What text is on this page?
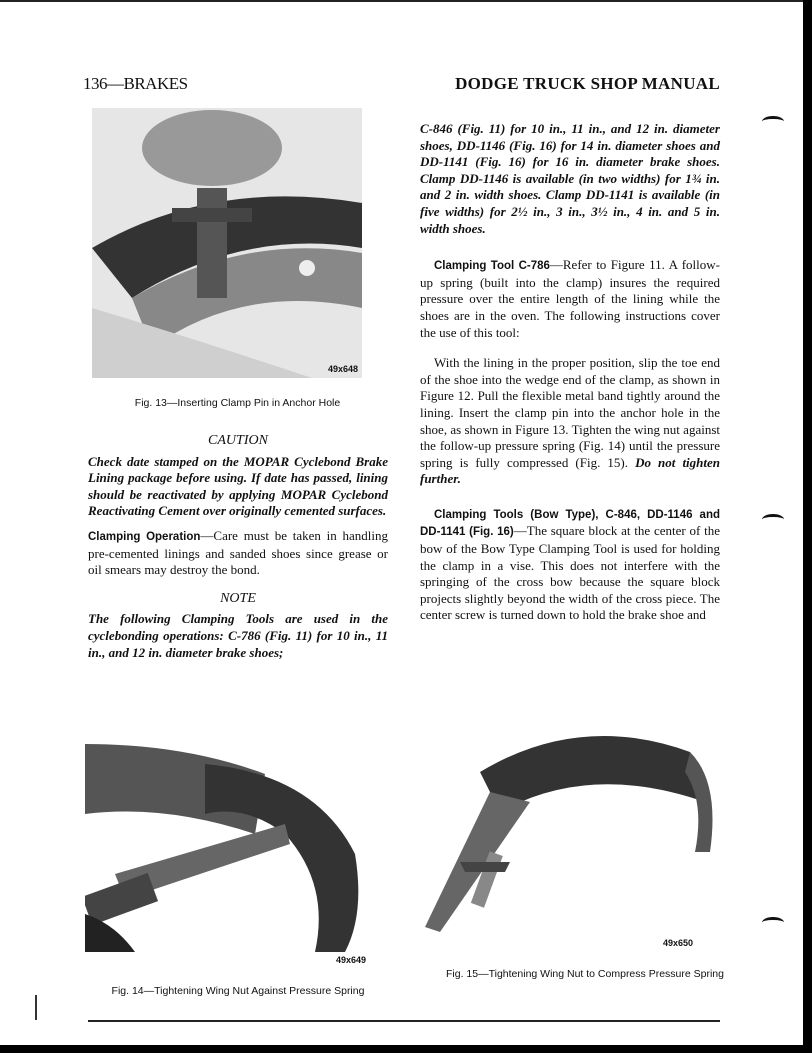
136—BRAKES	DODGE TRUCK SHOP MANUAL
49x648
Fig. 13—Inserting Clamp Pin in Anchor Hole

CAUTION

Check date stamped on the MOPAR Cyclebond Brake Lining package before using. If date has passed, lining should be reactivated by applying MOPAR Cyclebond Reactivating Cement over originally cemented surfaces.

Clamping Operation—Care must be taken in handling pre-cemented linings and sanded shoes since grease or oil smears may destroy the bond.

NOTE

The following Clamping Tools are used in the cyclebonding operations: C-786 (Fig. 11) for 10 in., 11 in., and 12 in. diameter brake shoes;

C-846 (Fig. 11) for 10 in., 11 in., and 12 in. diameter shoes, DD-1146 (Fig. 16) for 14 in. diameter shoes and DD-1141 (Fig. 16) for 16 in. diameter brake shoes. Clamp DD-1146 is available (in two widths) for 1¾ in. and 2 in. width shoes. Clamp DD-1141 is available (in five widths) for 2½ in., 3 in., 3½ in., 4 in. and 5 in. width shoes.

Clamping Tool C-786—Refer to Figure 11. A follow-up spring (built into the clamp) insures the required pressure over the entire length of the lining while the shoes are in the oven. The following instructions cover the use of this tool:

With the lining in the proper position, slip the toe end of the shoe into the wedge end of the clamp, as shown in Figure 12. Pull the flexible metal band tightly around the lining. Insert the clamp pin into the anchor hole in the shoe, as shown in Figure 13. Tighten the wing nut against the follow-up pressure spring (Fig. 14) until the pressure spring is fully compressed (Fig. 15). Do not tighten further.

Clamping Tools (Bow Type), C-846, DD-1146 and DD-1141 (Fig. 16)—The square block at the center of the bow of the Bow Type Clamping Tool is used for holding the clamp in a vise. This does not interfere with the springing of the cross bow because the square block projects slightly beyond the width of the cross piece. The center screw is turned down to hold the brake shoe and

49x649
Fig. 14—Tightening Wing Nut Against Pressure Spring
49x650
Fig. 15—Tightening Wing Nut to Compress Pressure Spring
